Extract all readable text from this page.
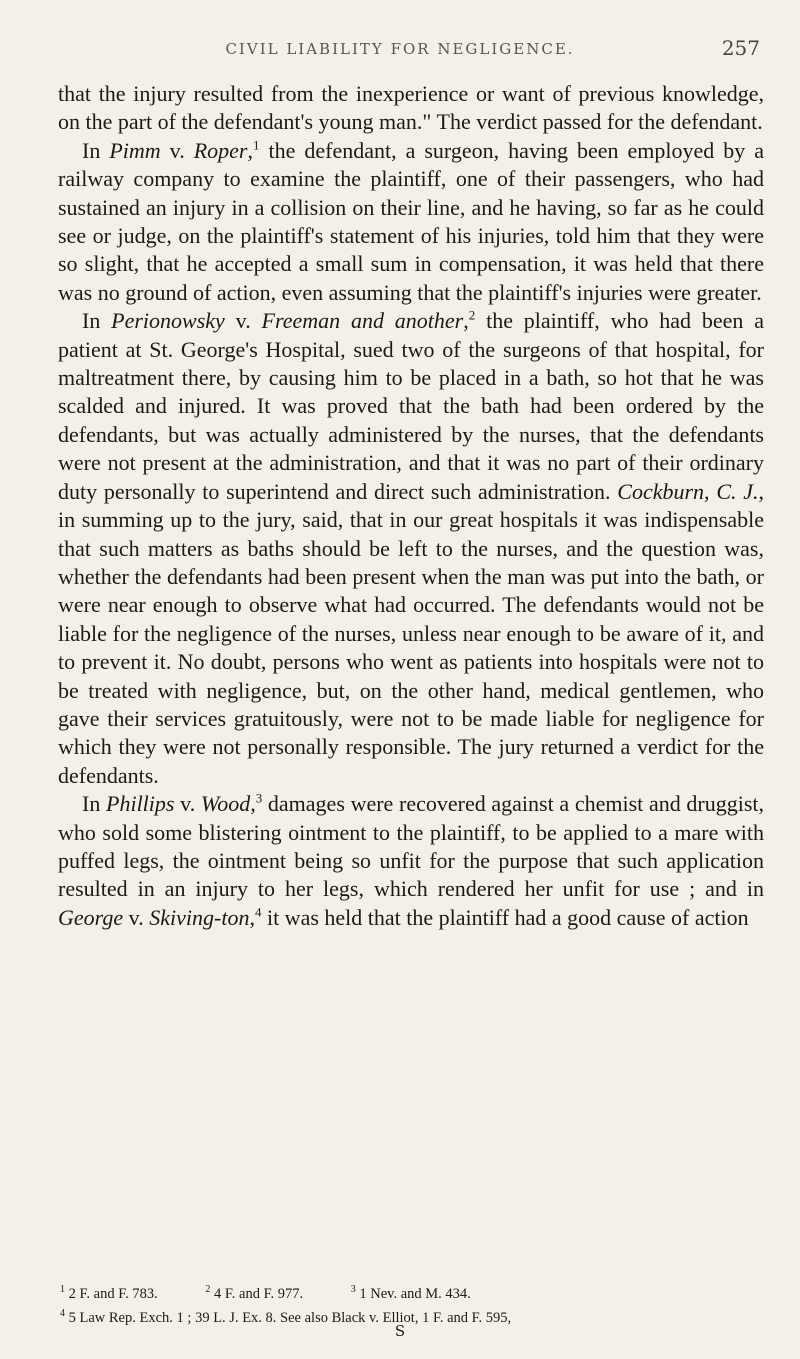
CIVIL LIABILITY FOR NEGLIGENCE.	257

that the injury resulted from the inexperience or want of previous knowledge, on the part of the defendant's young man." The verdict passed for the defendant.

In Pimm v. Roper,$^1$ the defendant, a surgeon, having been employed by a railway company to examine the plaintiff, one of their passengers, who had sustained an injury in a collision on their line, and he having, so far as he could see or judge, on the plaintiff's statement of his injuries, told him that they were so slight, that he accepted a small sum in compensation, it was held that there was no ground of action, even assuming that the plaintiff's injuries were greater.

In Perionowsky v. Freeman and another,$^2$ the plaintiff, who had been a patient at St. George's Hospital, sued two of the surgeons of that hospital, for maltreatment there, by causing him to be placed in a bath, so hot that he was scalded and injured. It was proved that the bath had been ordered by the defendants, but was actually administered by the nurses, that the defendants were not present at the administration, and that it was no part of their ordinary duty personally to superintend and direct such administration. Cockburn, C. J., in summing up to the jury, said, that in our great hospitals it was indispensable that such matters as baths should be left to the nurses, and the question was, whether the defendants had been present when the man was put into the bath, or were near enough to observe what had occurred. The defendants would not be liable for the negligence of the nurses, unless near enough to be aware of it, and to prevent it. No doubt, persons who went as patients into hospitals were not to be treated with negligence, but, on the other hand, medical gentlemen, who gave their services gratuitously, were not to be made liable for negligence for which they were not personally responsible. The jury returned a verdict for the defendants.

In Phillips v. Wood,$^3$ damages were recovered against a chemist and druggist, who sold some blistering ointment to the plaintiff, to be applied to a mare with puffed legs, the ointment being so unfit for the purpose that such application resulted in an injury to her legs, which rendered her unfit for use ; and in George v. Skiving-ton,$^4$ it was held that the plaintiff had a good cause of action

$^1$ 2 F. and F. 783.	$^2$ 4 F. and F. 977.	$^3$ 1 Nev. and M. 434.
$^4$ 5 Law Rep. Exch. 1 ; 39 L. J. Ex. 8. See also Black v. Elliot, 1 F. and F. 595,
S
